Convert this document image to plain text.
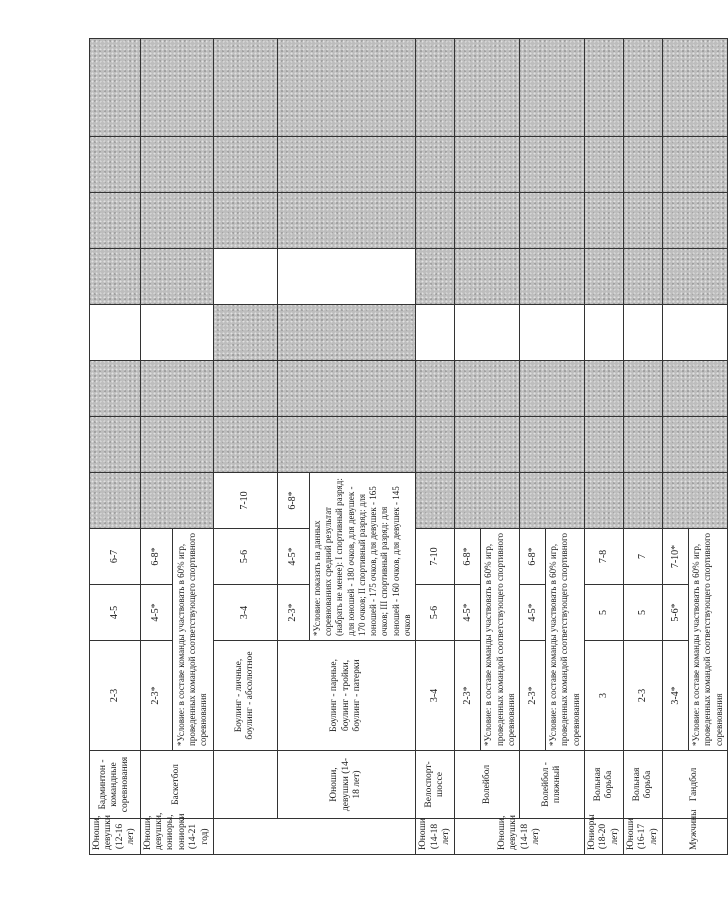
Юноши, девушки (12-16 лет)	Бадминтон - командные соревнования	2-3	4-5	6-7									
Юноши, девушки, юниоры, юниорки (14-21 год)	Баскетбол	2-3*	4-5*	6-8*									
		*Условие: в составе команды участвовать в 60% игр, проведенных командой соответствующего спортивного соревнования											
		Боулинг - личные, боулинг - абсолютное	3-4	5-6	7-10								
	Юноши, девушки (14-18 лет)	Боулинг - парные, боулинг - тройки, боулинг - патерки	2-3*	4-5*	6-8*								
			*Условие: показать на данных соревнованиях средний результат (набрать не менее): I спортивный разряд: для юношей - 180 очков, для девушек - 170 очков; II спортивный разряд: для юношей - 175 очков, для девушек - 165 очков; III спортивный разряд: для юношей - 160 очков, для девушек - 145 очков										
Юноши (14-18 лет)	Велоспорт-шоссе	3-4	5-6	7-10									
Юноши, девушки (14-18 лет)	Волейбол	2-3*	4-5*	6-8*									
		*Условие: в составе команды участвовать в 60% игр, проведенных командой соответствующего спортивного соревнования											
	Волейбол - пляжный	2-3*	4-5*	6-8*									
		*Условие: в составе команды участвовать в 60% игр, проведенных командой соответствующего спортивного соревнования											
Юниоры (18-20 лет)	Вольная борьба	3	5	7-8									
Юноши (16-17 лет)	Вольная борьба	2-3	5	7									
Мужчины	Гандбол	3-4*	5-6*	7-10*									
		*Условие: в составе команды участвовать в 60% игр, проведенных командой соответствующего спортивного соревнования											
